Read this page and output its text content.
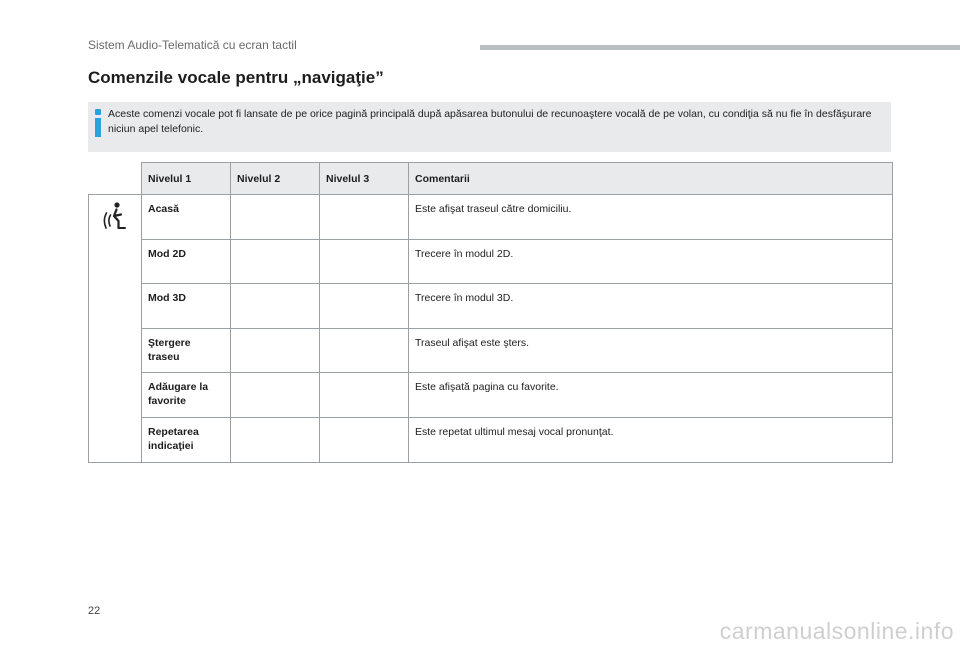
Sistem Audio-Telematică cu ecran tactil
Comenzile vocale pentru „navigaţie”
Aceste comenzi vocale pot fi lansate de pe orice pagină principală după apăsarea butonului de recunoaştere vocală de pe volan, cu condiţia să nu fie în desfăşurare niciun apel telefonic.
	Nivelul 1	Nivelul 2	Nivelul 3	Comentarii
	Acasă			Este afişat traseul către domiciliu.
	Mod 2D			Trecere în modul 2D.
	Mod 3D			Trecere în modul 3D.
	Ştergere traseu			Traseul afişat este şters.
	Adăugare la favorite			Este afişată pagina cu favorite.
	Repetarea indicaţiei			Este repetat ultimul mesaj vocal pronunţat.
22
carmanualsonline.info
